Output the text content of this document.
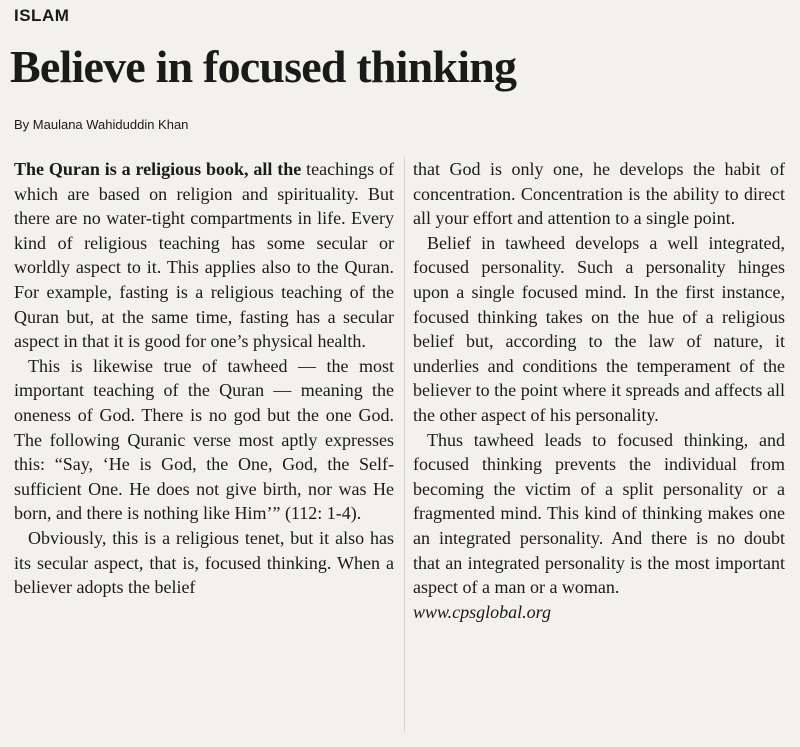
ISLAM
Believe in focused thinking
By Maulana Wahiduddin Khan

The Quran is a religious book, all the teachings of which are based on religion and spirituality. But there are no water-tight compartments in life. Every kind of religious teaching has some secular or worldly aspect to it. This applies also to the Quran. For example, fasting is a religious teaching of the Quran but, at the same time, fasting has a secular aspect in that it is good for one’s physical health.

This is likewise true of tawheed — the most important teaching of the Quran — meaning the oneness of God. There is no god but the one God. The following Quranic verse most aptly expresses this: “Say, ‘He is God, the One, God, the Self-sufficient One. He does not give birth, nor was He born, and there is nothing like Him’” (112: 1-4).

Obviously, this is a religious tenet, but it also has its secular aspect, that is, focused thinking. When a believer adopts the belief

that God is only one, he develops the habit of concentration. Concentration is the ability to direct all your effort and attention to a single point.

Belief in tawheed develops a well integrated, focused personality. Such a personality hinges upon a single focused mind. In the first instance, focused thinking takes on the hue of a religious belief but, according to the law of nature, it underlies and conditions the temperament of the believer to the point where it spreads and affects all the other aspect of his personality.

Thus tawheed leads to focused thinking, and focused thinking prevents the individual from becoming the victim of a split personality or a fragmented mind. This kind of thinking makes one an integrated personality. And there is no doubt that an integrated personality is the most important aspect of a man or a woman.

www.cpsglobal.org
